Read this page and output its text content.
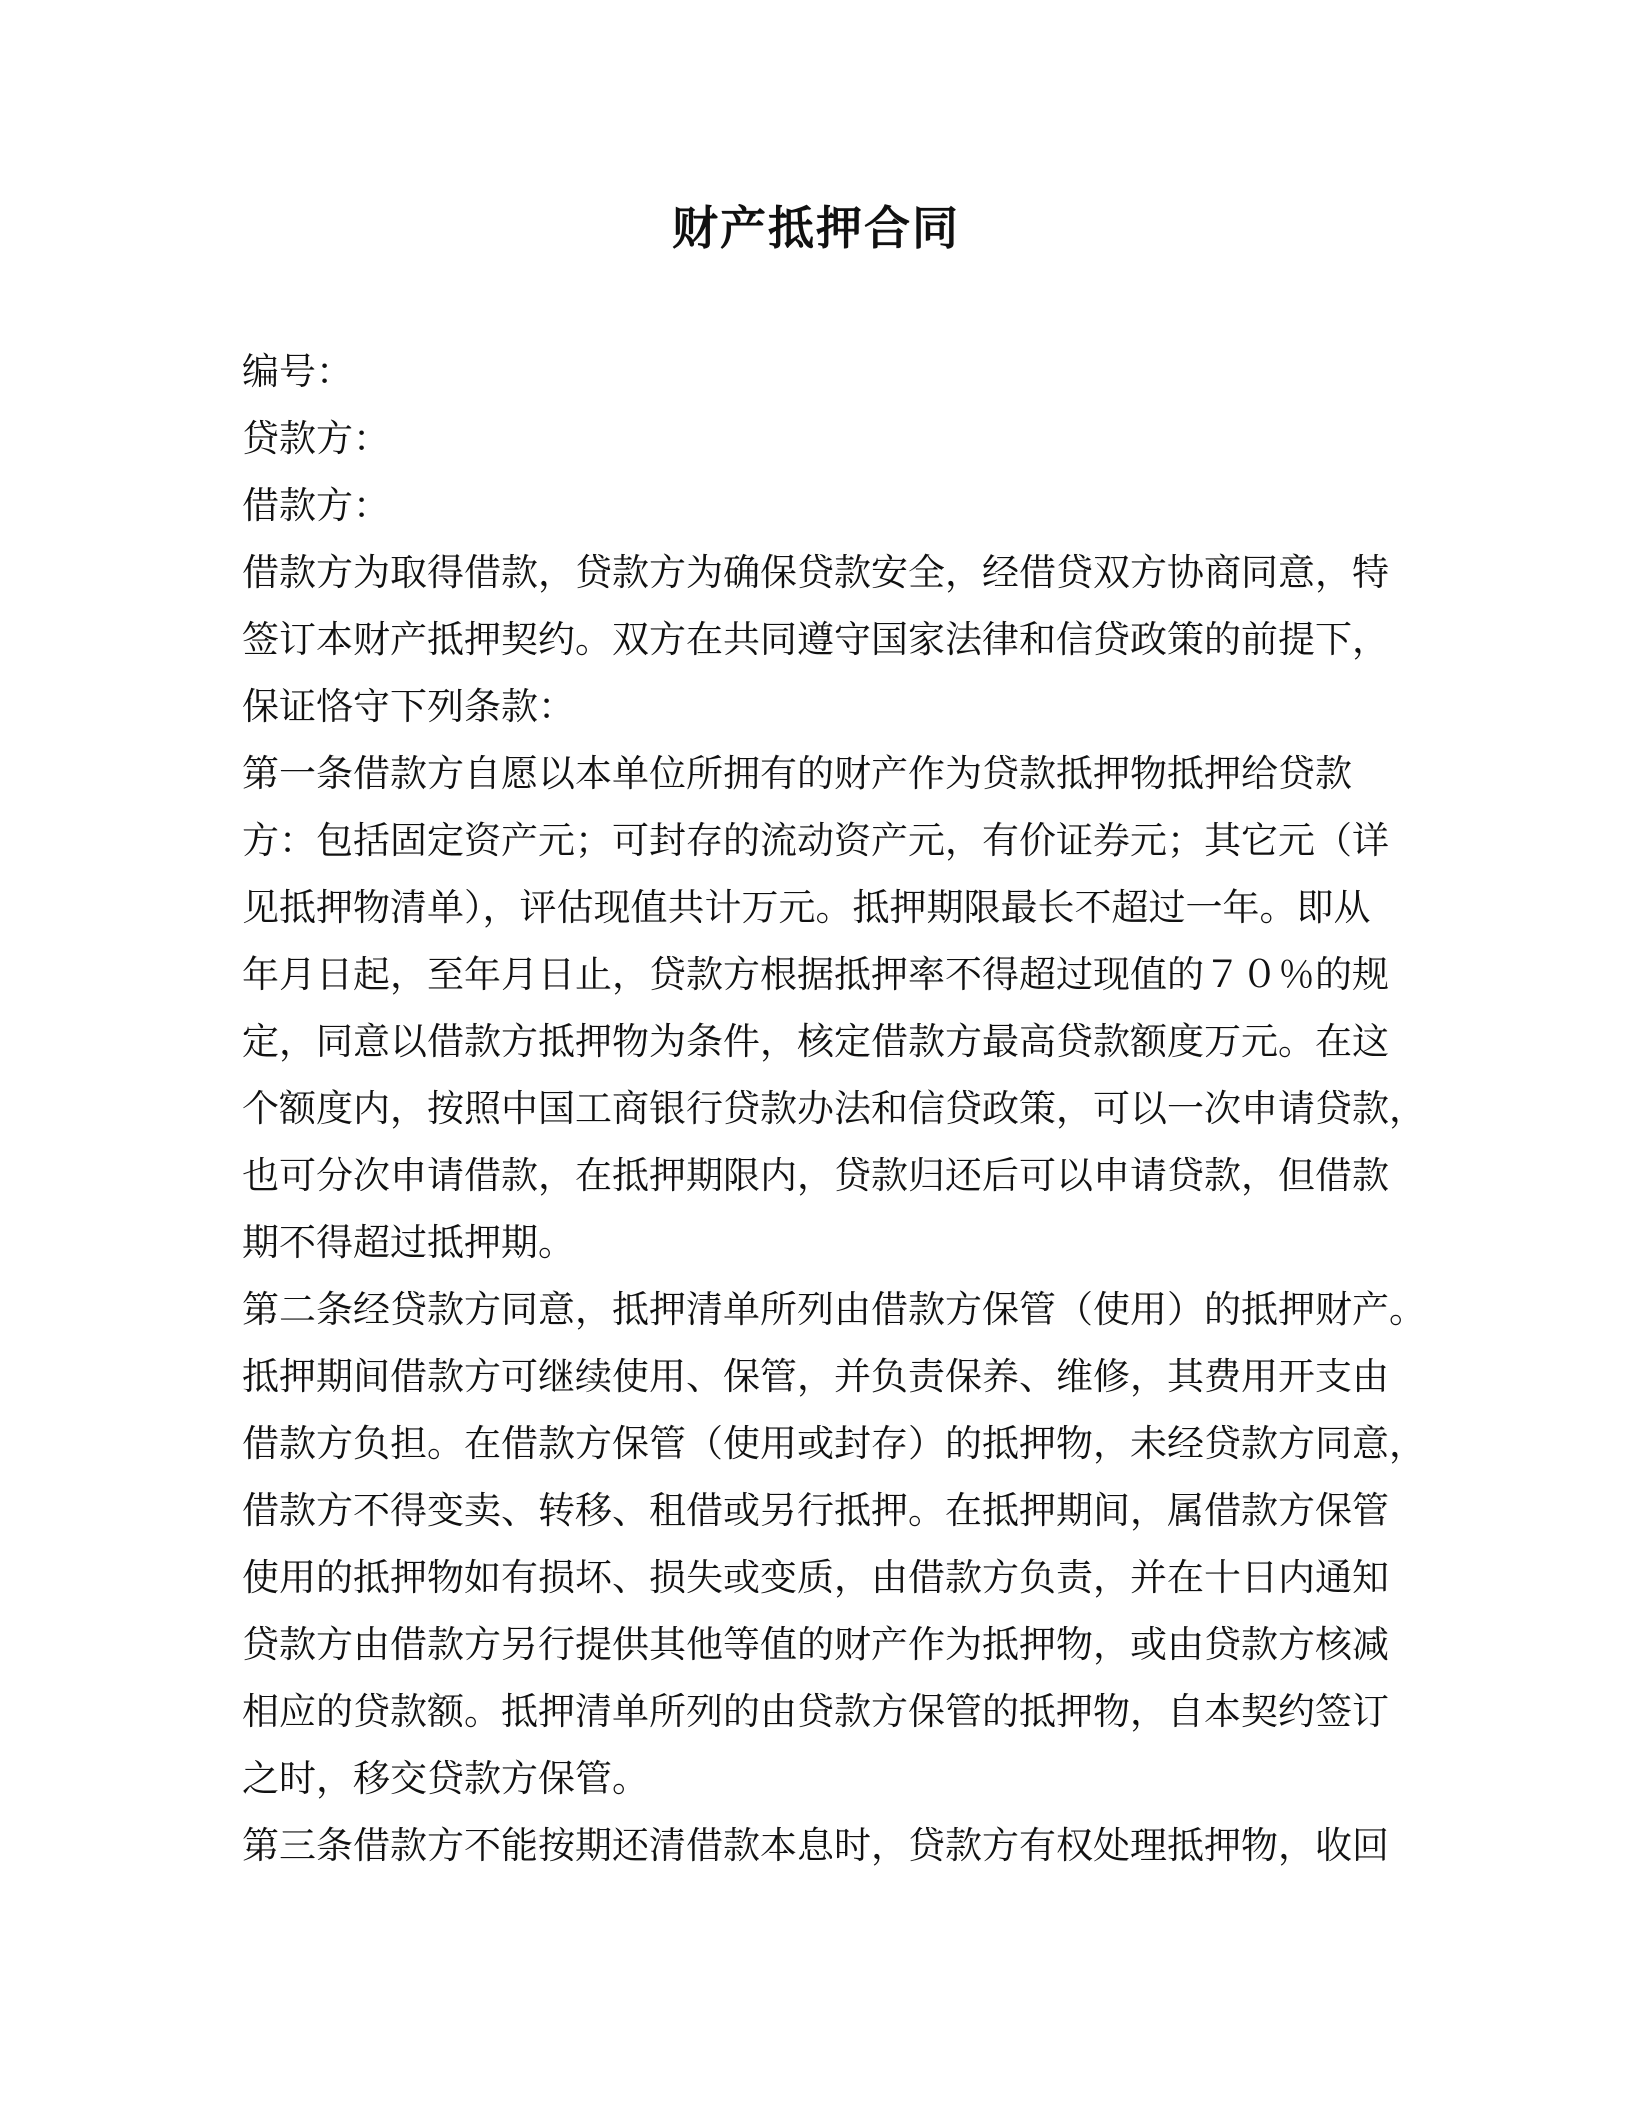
财产抵押合同
编号：
贷款方：
借款方：
借款方为取得借款，贷款方为确保贷款安全，经借贷双方协商同意，特
签订本财产抵押契约。双方在共同遵守国家法律和信贷政策的前提下，
保证恪守下列条款：
第一条借款方自愿以本单位所拥有的财产作为贷款抵押物抵押给贷款
方：包括固定资产元；可封存的流动资产元，有价证券元；其它元（详
见抵押物清单），评估现值共计万元。抵押期限最长不超过一年。即从
年月日起，至年月日止，贷款方根据抵押率不得超过现值的７０％的规
定，同意以借款方抵押物为条件，核定借款方最高贷款额度万元。在这
个额度内，按照中国工商银行贷款办法和信贷政策，可以一次申请贷款，
也可分次申请借款，在抵押期限内，贷款归还后可以申请贷款，但借款
期不得超过抵押期。
第二条经贷款方同意，抵押清单所列由借款方保管（使用）的抵押财产。
抵押期间借款方可继续使用、保管，并负责保养、维修，其费用开支由
借款方负担。在借款方保管（使用或封存）的抵押物，未经贷款方同意，
借款方不得变卖、转移、租借或另行抵押。在抵押期间，属借款方保管
使用的抵押物如有损坏、损失或变质，由借款方负责，并在十日内通知
贷款方由借款方另行提供其他等值的财产作为抵押物，或由贷款方核减
相应的贷款额。抵押清单所列的由贷款方保管的抵押物，自本契约签订
之时，移交贷款方保管。
第三条借款方不能按期还清借款本息时，贷款方有权处理抵押物，收回
